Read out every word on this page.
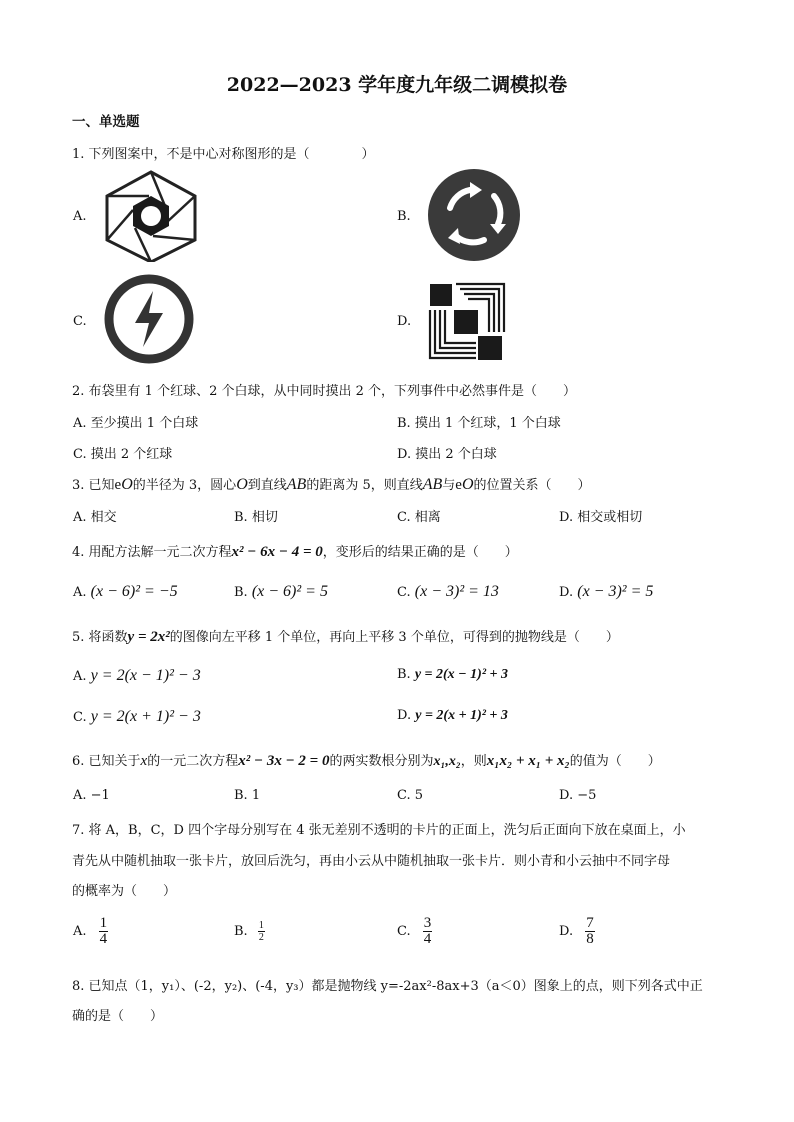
2022—2023 学年度九年级二调模拟卷
一、单选题
1. 下列图案中，不是中心对称图形的是（　　　　）
A.	B.
C.	D.
2. 布袋里有 1 个红球、2 个白球，从中同时摸出 2 个，下列事件中必然事件是（　　）
A. 至少摸出 1 个白球	B. 摸出 1 个红球，1 个白球
C. 摸出 2 个红球	D. 摸出 2 个白球
3. 已知eO的半径为 3，圆心O到直线AB的距离为 5，则直线AB与eO的位置关系（　　）
A. 相交	B. 相切	C. 相离	D. 相交或相切
4. 用配方法解一元二次方程x² − 6x − 4 = 0，变形后的结果正确的是（　　）
A. (x − 6)² = −5	B. (x − 6)² = 5	C. (x − 3)² = 13	D. (x − 3)² = 5
5. 将函数y = 2x²的图像向左平移 1 个单位，再向上平移 3 个单位，可得到的抛物线是（　　）
A. y = 2(x − 1)² − 3	B. y = 2(x − 1)² + 3
C. y = 2(x + 1)² − 3	D. y = 2(x + 1)² + 3
6. 已知关于x的一元二次方程x² − 3x − 2 = 0的两实数根分别为x₁,x₂，则x₁x₂ + x₁ + x₂的值为（　　）
A. −1	B. 1	C. 5	D. −5
7. 将 A，B，C，D 四个字母分别写在 4 张无差别不透明的卡片的正面上，洗匀后正面向下放在桌面上，小
青先从中随机抽取一张卡片，放回后洗匀，再由小云从中随机抽取一张卡片．则小青和小云抽中不同字母
的概率为（　　）
A. $\frac{1}{4}$	B. $\frac{1}{2}$	C. $\frac{3}{4}$	D. $\frac{7}{8}$
8. 已知点（1，y₁）、(-2，y₂)、(-4，y₃）都是抛物线 y=-2ax²-8ax+3（a＜0）图象上的点，则下列各式中正
确的是（　　）
